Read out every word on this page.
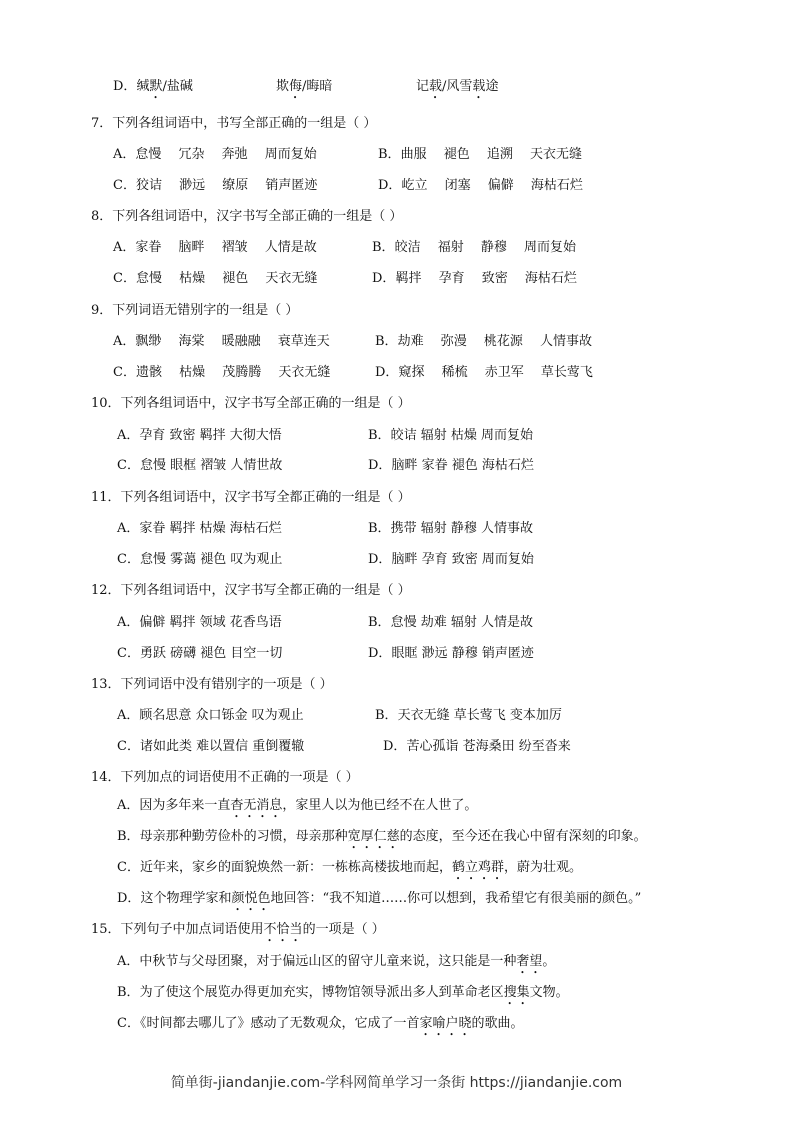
D．缄默/盐碱	欺侮/晦暗	记载/风雪载途
7．下列各组词语中，书写全部正确的一组是（ ）
A．怠慢　 冗杂　 奔弛　 周而复始	B．曲服　 褪色　 追溯　 天衣无缝
C．狡诘　 渺远　 缭原　 销声匿迹	D．屹立　 闭塞　 偏僻　 海枯石烂
8．下列各组词语中，汉字书写全部正确的一组是（ ）
A．家眷　 脑畔　 褶皱　 人情是故	B．皎洁　 福射　 静穆　 周而复始
C．怠慢　 枯燥　 褪色　 天衣无缝	D．羁拌　 孕育　 致密　 海枯石烂
9．下列词语无错别字的一组是（ ）
A．飘缈　 海棠　 暖融融　 衰草连天	B．劫难　 弥漫　 桃花源　 人情事故
C．遗骸　 枯燥　 茂腾腾　 天衣无缝	D．窥探　 稀梳　 赤卫军　 草长莺飞
10．下列各组词语中，汉字书写全部正确的一组是（ ）
A．孕育 致密 羁拌 大彻大悟	B．皎诘 辐射 枯燥 周而复始
C．怠慢 眼框 褶皱 人情世故	D．脑畔 家眷 褪色 海枯石烂
11．下列各组词语中，汉字书写全都正确的一组是（ ）
A．家眷 羁拌 枯燥 海枯石烂	B．携带 辐射 静穆 人情事故
C．怠慢 雾蔼 褪色 叹为观止	D．脑畔 孕育 致密 周而复始
12．下列各组词语中，汉字书写全都正确的一组是（ ）
A．偏僻 羁拌 领域 花香鸟语	B．怠慢 劫难 辐射 人情是故
C．勇跃 磅礴 褪色 目空一切	D．眼眶 渺远 静穆 销声匿迹
13．下列词语中没有错别字的一项是（ ）
A．顾名思意 众口铄金 叹为观止	B．天衣无缝 草长莺飞 变本加厉
C．诸如此类 难以置信 重倒覆辙	D．苦心孤诣 苍海桑田 纷至沓来
14．下列加点的词语使用不正确的一项是（ ）
A．因为多年来一直杳无消息，家里人以为他已经不在人世了。
B．母亲那种勤劳俭朴的习惯，母亲那种宽厚仁慈的态度，至今还在我心中留有深刻的印象。
C．近年来，家乡的面貌焕然一新：一栋栋高楼拔地而起，鹤立鸡群，蔚为壮观。
D．这个物理学家和颜悦色地回答：“我不知道……你可以想到，我希望它有很美丽的颜色。”
15．下列句子中加点词语使用不恰当的一项是（ ）
A．中秋节与父母团聚，对于偏远山区的留守儿童来说，这只能是一种奢望。
B．为了使这个展览办得更加充实，博物馆领导派出多人到革命老区搜集文物。
C．《时间都去哪儿了》感动了无数观众，它成了一首家喻户晓的歌曲。
简单街-jiandanjie.com-学科网简单学习一条街 https://jiandanjie.com
